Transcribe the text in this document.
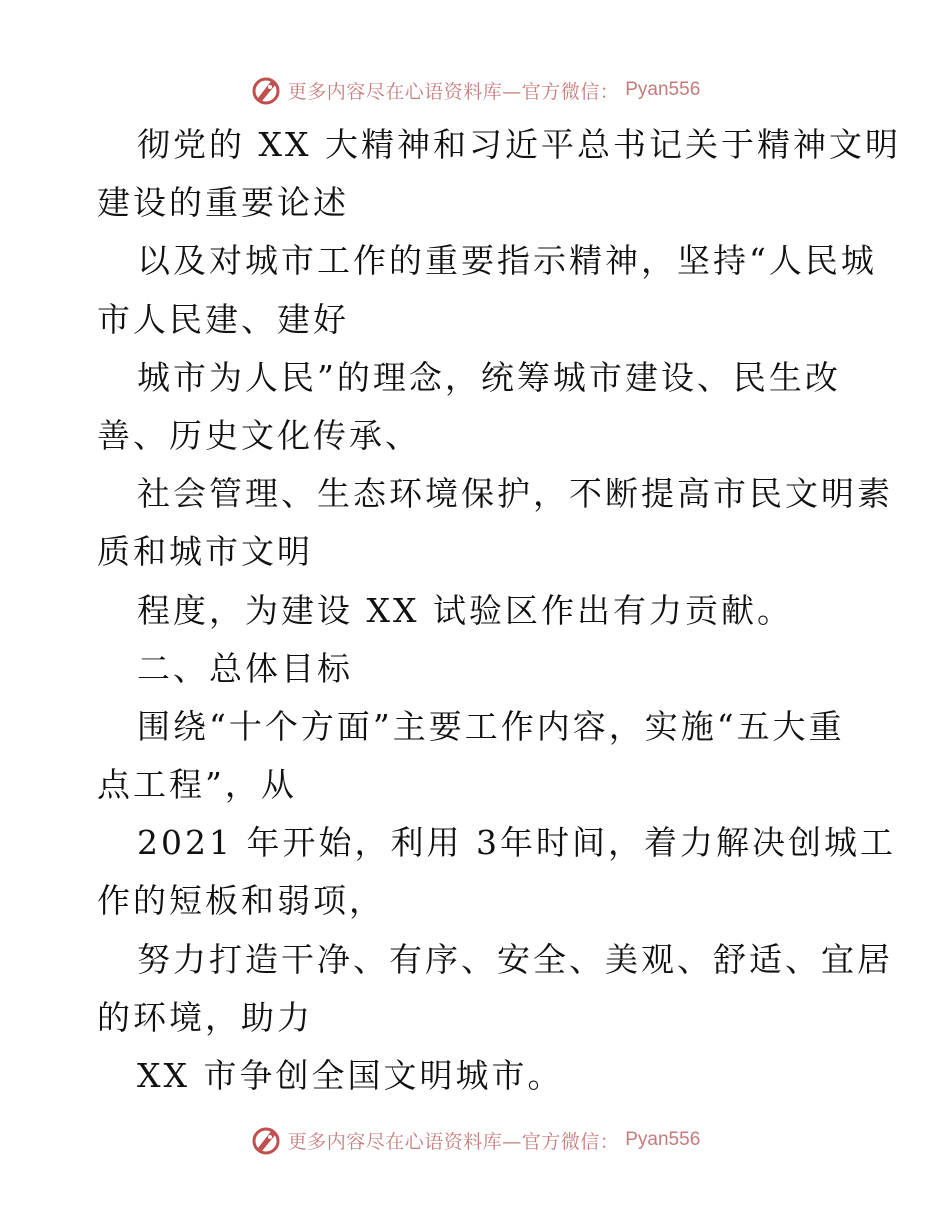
更多内容尽在心语资料库—官方微信： Pyan556
彻党的 XX 大精神和习近平总书记关于精神文明
建设的重要论述
以及对城市工作的重要指示精神，坚持“人民城
市人民建、建好
城市为人民”的理念，统筹城市建设、民生改
善、历史文化传承、
社会管理、生态环境保护，不断提高市民文明素
质和城市文明
程度，为建设 XX 试验区作出有力贡献。
二、总体目标
围绕“十个方面”主要工作内容，实施“五大重
点工程”，从
2021 年开始，利用 3年时间，着力解决创城工
作的短板和弱项，
努力打造干净、有序、安全、美观、舒适、宜居
的环境，助力
XX 市争创全国文明城市。
更多内容尽在心语资料库—官方微信： Pyan556
